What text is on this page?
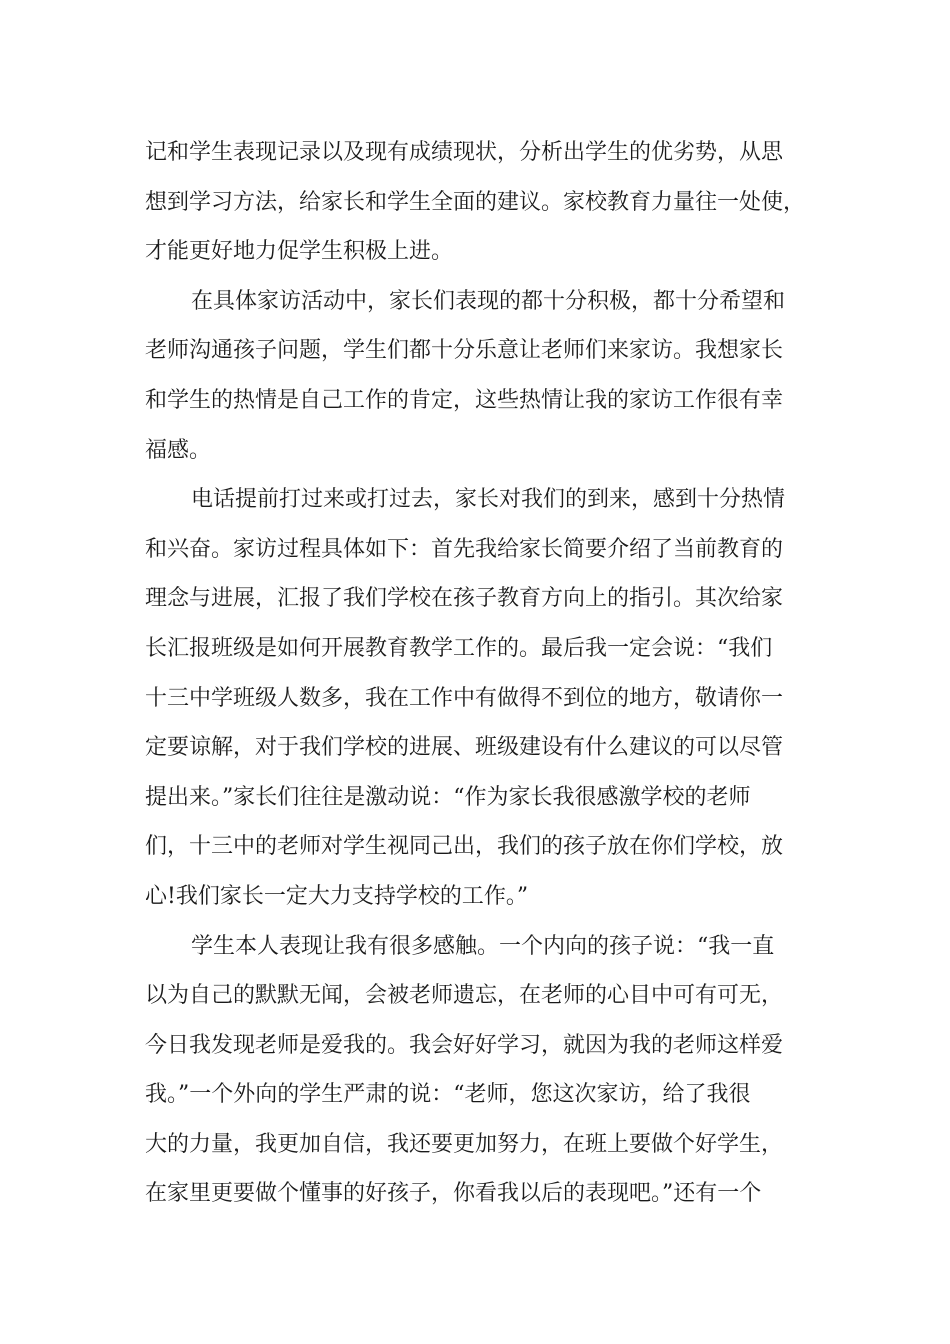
记和学生表现记录以及现有成绩现状，分析出学生的优劣势，从思
想到学习方法，给家长和学生全面的建议。家校教育力量往一处使，
才能更好地力促学生积极上进。
在具体家访活动中，家长们表现的都十分积极，都十分希望和
老师沟通孩子问题，学生们都十分乐意让老师们来家访。我想家长
和学生的热情是自己工作的肯定，这些热情让我的家访工作很有幸
福感。
电话提前打过来或打过去，家长对我们的到来，感到十分热情
和兴奋。家访过程具体如下：首先我给家长简要介绍了当前教育的
理念与进展，汇报了我们学校在孩子教育方向上的指引。其次给家
长汇报班级是如何开展教育教学工作的。最后我一定会说：“我们
十三中学班级人数多，我在工作中有做得不到位的地方，敬请你一
定要谅解，对于我们学校的进展、班级建设有什么建议的可以尽管
提出来。”家长们往往是激动说：“作为家长我很感激学校的老师
们，十三中的老师对学生视同己出，我们的孩子放在你们学校，放
心!我们家长一定大力支持学校的工作。”
学生本人表现让我有很多感触。一个内向的孩子说：“我一直
以为自己的默默无闻，会被老师遗忘，在老师的心目中可有可无，
今日我发现老师是爱我的。我会好好学习，就因为我的老师这样爱
我。”一个外向的学生严肃的说：“老师，您这次家访，给了我很
大的力量，我更加自信，我还要更加努力，在班上要做个好学生，
在家里更要做个懂事的好孩子，你看我以后的表现吧。”还有一个
